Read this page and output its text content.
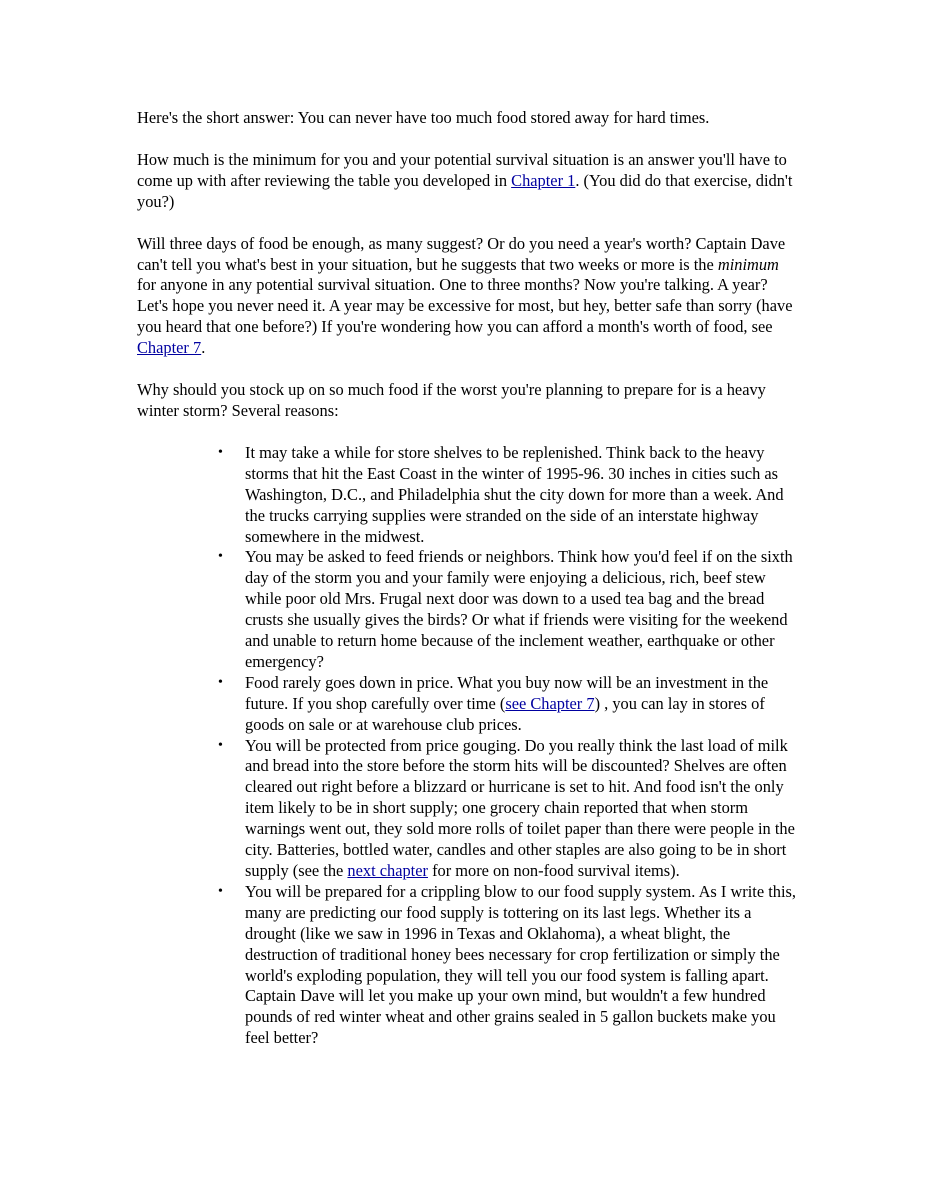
Here's the short answer: You can never have too much food stored away for hard times.

How much is the minimum for you and your potential survival situation is an answer you'll have to come up with after reviewing the table you developed in Chapter 1. (You did do that exercise, didn't you?)

Will three days of food be enough, as many suggest? Or do you need a year's worth? Captain Dave can't tell you what's best in your situation, but he suggests that two weeks or more is the minimum for anyone in any potential survival situation. One to three months? Now you're talking. A year? Let's hope you never need it. A year may be excessive for most, but hey, better safe than sorry (have you heard that one before?) If you're wondering how you can afford a month's worth of food, see Chapter 7.

Why should you stock up on so much food if the worst you're planning to prepare for is a heavy winter storm? Several reasons:

• It may take a while for store shelves to be replenished. Think back to the heavy storms that hit the East Coast in the winter of 1995-96. 30 inches in cities such as Washington, D.C., and Philadelphia shut the city down for more than a week. And the trucks carrying supplies were stranded on the side of an interstate highway somewhere in the midwest.
• You may be asked to feed friends or neighbors. Think how you'd feel if on the sixth day of the storm you and your family were enjoying a delicious, rich, beef stew while poor old Mrs. Frugal next door was down to a used tea bag and the bread crusts she usually gives the birds? Or what if friends were visiting for the weekend and unable to return home because of the inclement weather, earthquake or other emergency?
• Food rarely goes down in price. What you buy now will be an investment in the future. If you shop carefully over time (see Chapter 7) , you can lay in stores of goods on sale or at warehouse club prices.
• You will be protected from price gouging. Do you really think the last load of milk and bread into the store before the storm hits will be discounted? Shelves are often cleared out right before a blizzard or hurricane is set to hit. And food isn't the only item likely to be in short supply; one grocery chain reported that when storm warnings went out, they sold more rolls of toilet paper than there were people in the city. Batteries, bottled water, candles and other staples are also going to be in short supply (see the next chapter for more on non-food survival items).
• You will be prepared for a crippling blow to our food supply system. As I write this, many are predicting our food supply is tottering on its last legs. Whether its a drought (like we saw in 1996 in Texas and Oklahoma), a wheat blight, the destruction of traditional honey bees necessary for crop fertilization or simply the world's exploding population, they will tell you our food system is falling apart. Captain Dave will let you make up your own mind, but wouldn't a few hundred pounds of red winter wheat and other grains sealed in 5 gallon buckets make you feel better?
